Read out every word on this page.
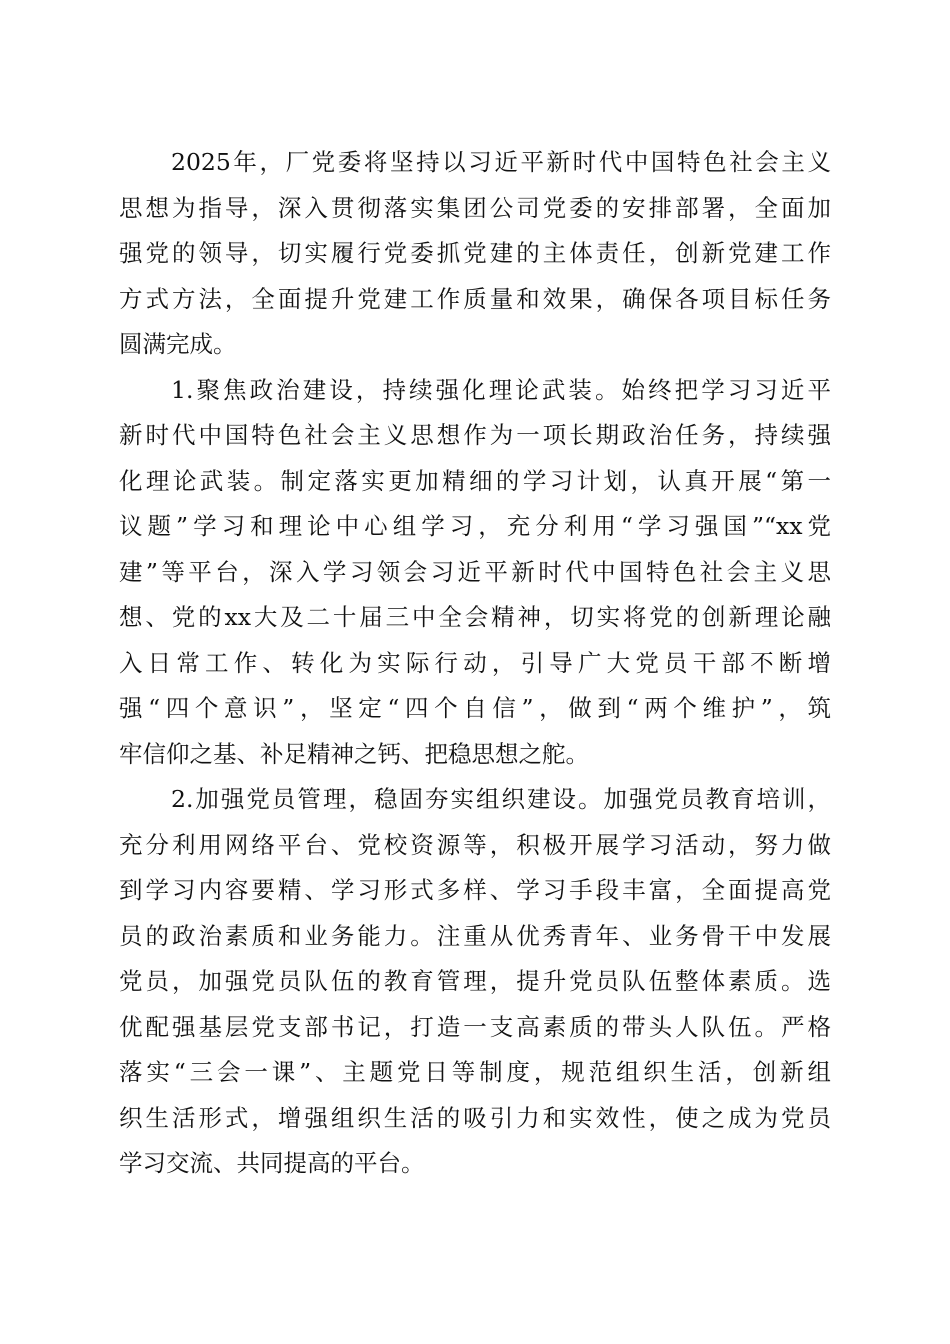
2025年，厂党委将坚持以习近平新时代中国特色社会主义
思想为指导，深入贯彻落实集团公司党委的安排部署，全面加
强党的领导，切实履行党委抓党建的主体责任，创新党建工作
方式方法，全面提升党建工作质量和效果，确保各项目标任务
圆满完成。
1.聚焦政治建设，持续强化理论武装。始终把学习习近平
新时代中国特色社会主义思想作为一项长期政治任务，持续强
化理论武装。制定落实更加精细的学习计划，认真开展“第一
议题”学习和理论中心组学习，充分利用“学习强国”“xx党
建”等平台，深入学习领会习近平新时代中国特色社会主义思
想、党的xx大及二十届三中全会精神，切实将党的创新理论融
入日常工作、转化为实际行动，引导广大党员干部不断增
强“四个意识”，坚定“四个自信”，做到“两个维护”，筑
牢信仰之基、补足精神之钙、把稳思想之舵。
2.加强党员管理，稳固夯实组织建设。加强党员教育培训，
充分利用网络平台、党校资源等，积极开展学习活动，努力做
到学习内容要精、学习形式多样、学习手段丰富，全面提高党
员的政治素质和业务能力。注重从优秀青年、业务骨干中发展
党员，加强党员队伍的教育管理，提升党员队伍整体素质。选
优配强基层党支部书记，打造一支高素质的带头人队伍。严格
落实“三会一课”、主题党日等制度，规范组织生活，创新组
织生活形式，增强组织生活的吸引力和实效性，使之成为党员
学习交流、共同提高的平台。
